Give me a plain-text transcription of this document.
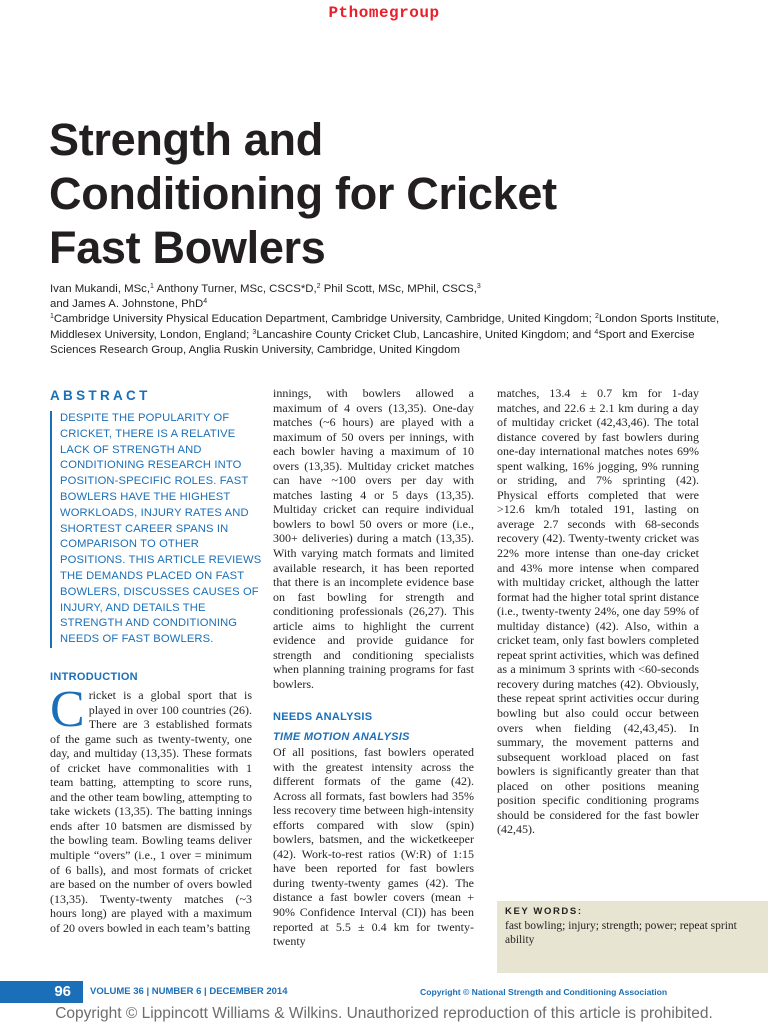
Pthomegroup
Strength and
Conditioning for Cricket
Fast Bowlers

Ivan Mukandi, MSc,$^1$ Anthony Turner, MSc, CSCS*D,$^2$ Phil Scott, MSc, MPhil, CSCS,$^3$
and James A. Johnstone, PhD$^4$

$^1$Cambridge University Physical Education Department, Cambridge University, Cambridge, United Kingdom; $^2$London Sports Institute, Middlesex University, London, England; $^3$Lancashire County Cricket Club, Lancashire, United Kingdom; and $^4$Sport and Exercise Sciences Research Group, Anglia Ruskin University, Cambridge, United Kingdom

ABSTRACT
DESPITE THE POPULARITY OF CRICKET, THERE IS A RELATIVE LACK OF STRENGTH AND CONDITIONING RESEARCH INTO POSITION-SPECIFIC ROLES. FAST BOWLERS HAVE THE HIGHEST WORKLOADS, INJURY RATES AND SHORTEST CAREER SPANS IN COMPARISON TO OTHER POSITIONS. THIS ARTICLE REVIEWS THE DEMANDS PLACED ON FAST BOWLERS, DISCUSSES CAUSES OF INJURY, AND DETAILS THE STRENGTH AND CONDITIONING NEEDS OF FAST BOWLERS.
INTRODUCTION

Cricket is a global sport that is played in over 100 countries (26). There are 3 established formats of the game such as twenty-twenty, one day, and multiday (13,35). These formats of cricket have commonalities with 1 team batting, attempting to score runs, and the other team bowling, attempting to take wickets (13,35). The batting innings ends after 10 batsmen are dismissed by the bowling team. Bowling teams deliver multiple “overs” (i.e., 1 over = minimum of 6 balls), and most formats of cricket are based on the number of overs bowled (13,35). Twenty-twenty matches (~3 hours long) are played with a maximum of 20 overs bowled in each team’s batting

innings, with bowlers allowed a maximum of 4 overs (13,35). One-day matches (~6 hours) are played with a maximum of 50 overs per innings, with each bowler having a maximum of 10 overs (13,35). Multiday cricket matches can have ~100 overs per day with matches lasting 4 or 5 days (13,35). Multiday cricket can require individual bowlers to bowl 50 overs or more (i.e., 300+ deliveries) during a match (13,35). With varying match formats and limited available research, it has been reported that there is an incomplete evidence base on fast bowling for strength and conditioning professionals (26,27). This article aims to highlight the current evidence and provide guidance for strength and conditioning specialists when planning training programs for fast bowlers.

NEEDS ANALYSIS
TIME MOTION ANALYSIS

Of all positions, fast bowlers operated with the greatest intensity across the different formats of the game (42). Across all formats, fast bowlers had 35% less recovery time between high-intensity efforts compared with slow (spin) bowlers, batsmen, and the wicketkeeper (42). Work-to-rest ratios (W:R) of 1:15 have been reported for fast bowlers during twenty-twenty games (42). The distance a fast bowler covers (mean + 90% Confidence Interval (CI)) has been reported at 5.5 ± 0.4 km for twenty-twenty

matches, 13.4 ± 0.7 km for 1-day matches, and 22.6 ± 2.1 km during a day of multiday cricket (42,43,46). The total distance covered by fast bowlers during one-day international matches notes 69% spent walking, 16% jogging, 9% running or striding, and 7% sprinting (42). Physical efforts completed that were >12.6 km/h totaled 191, lasting on average 2.7 seconds with 68-seconds recovery (42). Twenty-twenty cricket was 22% more intense than one-day cricket and 43% more intense when compared with multiday cricket, although the latter format had the higher total sprint distance (i.e., twenty-twenty 24%, one day 59% of multiday distance) (42). Also, within a cricket team, only fast bowlers completed repeat sprint activities, which was defined as a minimum 3 sprints with <60-seconds recovery during matches (42). Obviously, these repeat sprint activities occur during bowling but also could occur between overs when fielding (42,43,45). In summary, the movement patterns and subsequent workload placed on fast bowlers is significantly greater than that placed on other positions meaning position specific conditioning programs should be considered for the fast bowler (42,45).

KEY WORDS:
fast bowling; injury; strength; power; repeat sprint ability
96	VOLUME 36 | NUMBER 6 | DECEMBER 2014	Copyright © National Strength and Conditioning Association
Copyright © Lippincott Williams & Wilkins. Unauthorized reproduction of this article is prohibited.
